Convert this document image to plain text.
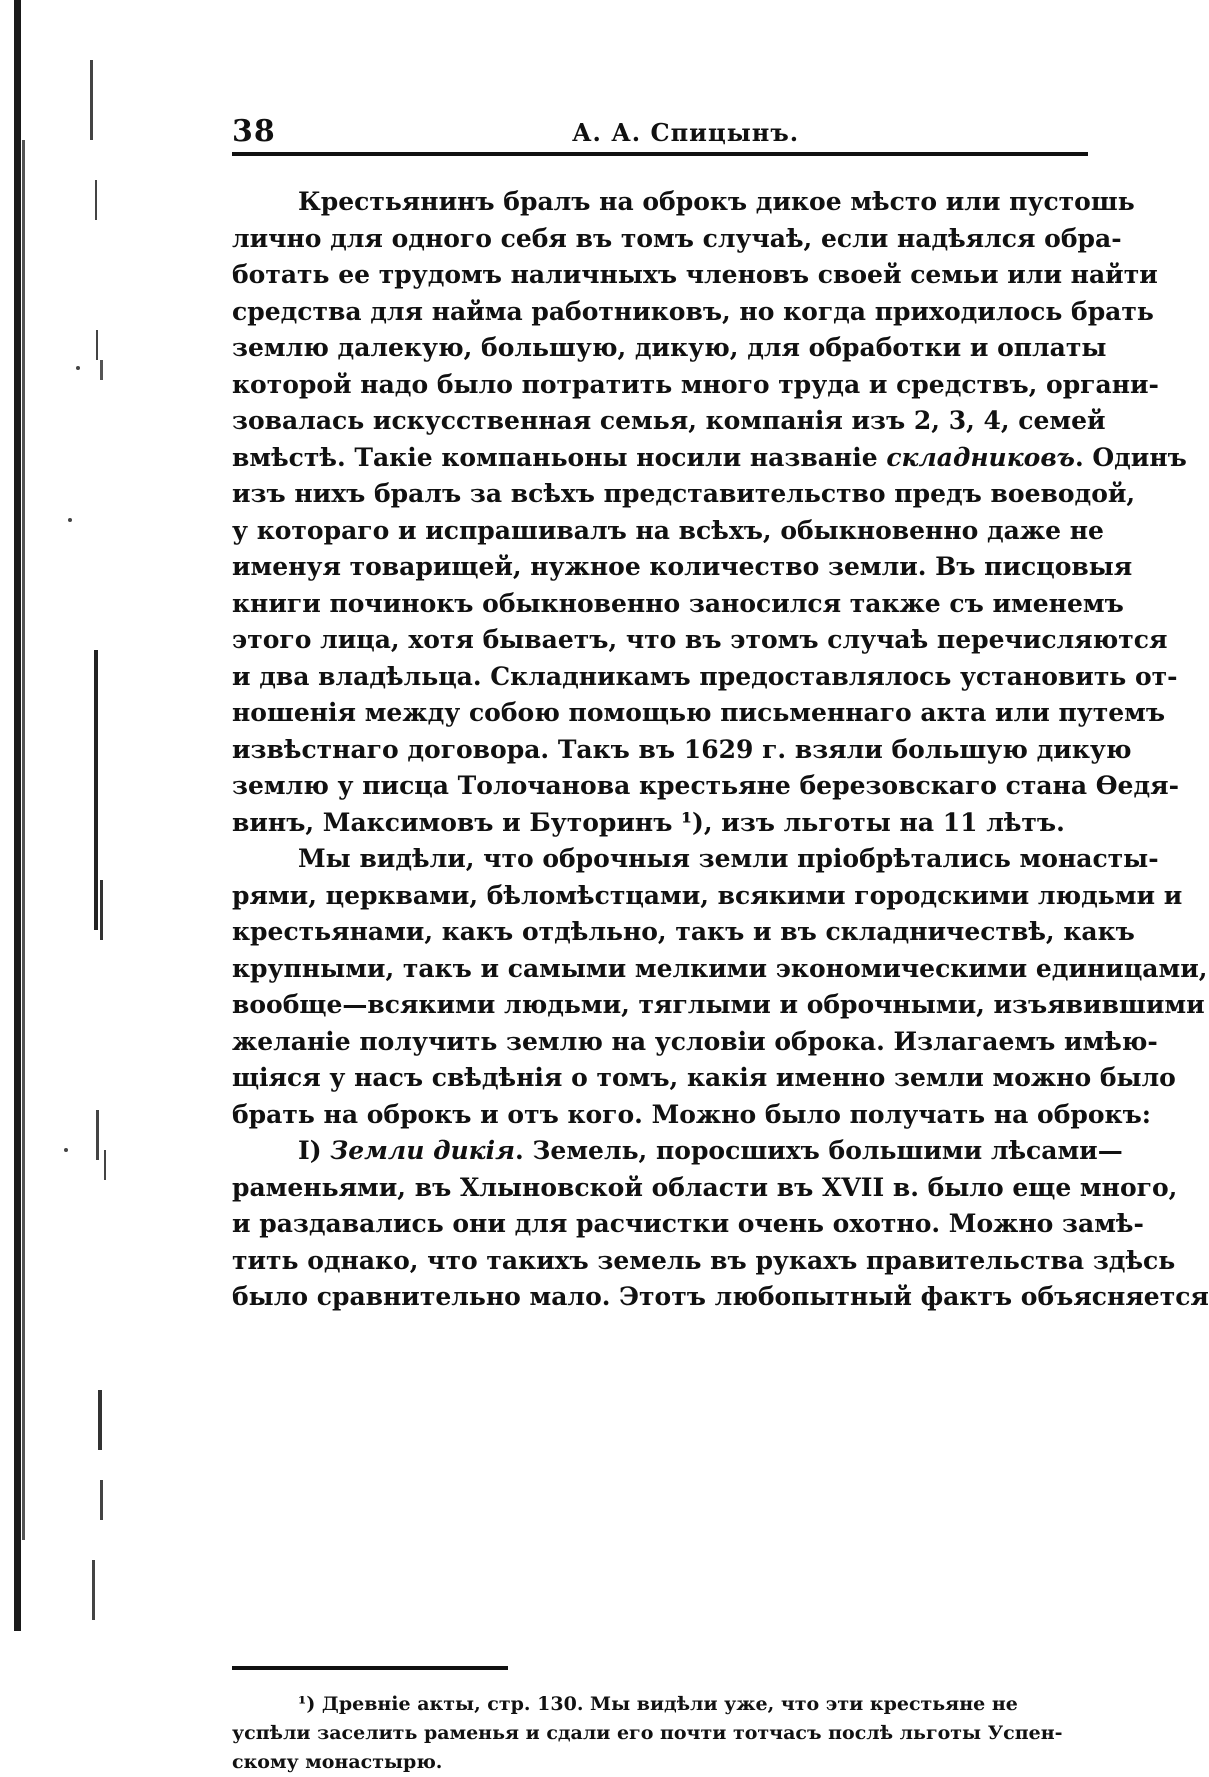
38	А. А. Спицынъ.
Крестьянинъ бралъ на оброкъ дикое мѣсто или пустошь
лично для одного себя въ томъ случаѣ, если надѣялся обра-
ботать ее трудомъ наличныхъ членовъ своей семьи или найти
средства для найма работниковъ, но когда приходилось брать
землю далекую, большую, дикую, для обработки и оплаты
которой надо было потратить много труда и средствъ, органи-
зовалась искусственная семья, компанія изъ 2, 3, 4, семей
вмѣстѣ. Такіе компаньоны носили названіе складниковъ. Одинъ
изъ нихъ бралъ за всѣхъ представительство предъ воеводой,
у котораго и испрашивалъ на всѣхъ, обыкновенно даже не
именуя товарищей, нужное количество земли. Въ писцовыя
книги починокъ обыкновенно заносился также съ именемъ
этого лица, хотя бываетъ, что въ этомъ случаѣ перечисляются
и два владѣльца. Складникамъ предоставлялось установить от-
ношенія между собою помощью письменнаго акта или путемъ
извѣстнаго договора. Такъ въ 1629 г. взяли большую дикую
землю у писца Толочанова крестьяне березовскаго стана Ѳедя-
винъ, Максимовъ и Буторинъ ¹), изъ льготы на 11 лѣтъ.
Мы видѣли, что оброчныя земли пріобрѣтались монасты-
рями, церквами, бѣломѣстцами, всякими городскими людьми и
крестьянами, какъ отдѣльно, такъ и въ складничествѣ, какъ
крупными, такъ и самыми мелкими экономическими единицами,
вообще—всякими людьми, тяглыми и оброчными, изъявившими
желаніе получить землю на условіи оброка. Излагаемъ имѣю-
щіяся у насъ свѣдѣнія о томъ, какія именно земли можно было
брать на оброкъ и отъ кого. Можно было получать на оброкъ:
I) Земли дикія. Земель, поросшихъ большими лѣсами—
раменьями, въ Хлыновской области въ XVII в. было еще много,
и раздавались они для расчистки очень охотно. Можно замѣ-
тить однако, что такихъ земель въ рукахъ правительства здѣсь
было сравнительно мало. Этотъ любопытный фактъ объясняется
¹) Древніе акты, стр. 130. Мы видѣли уже, что эти крестьяне не
успѣли заселить раменья и сдали его почти тотчасъ послѣ льготы Успен-
скому монастырю.
